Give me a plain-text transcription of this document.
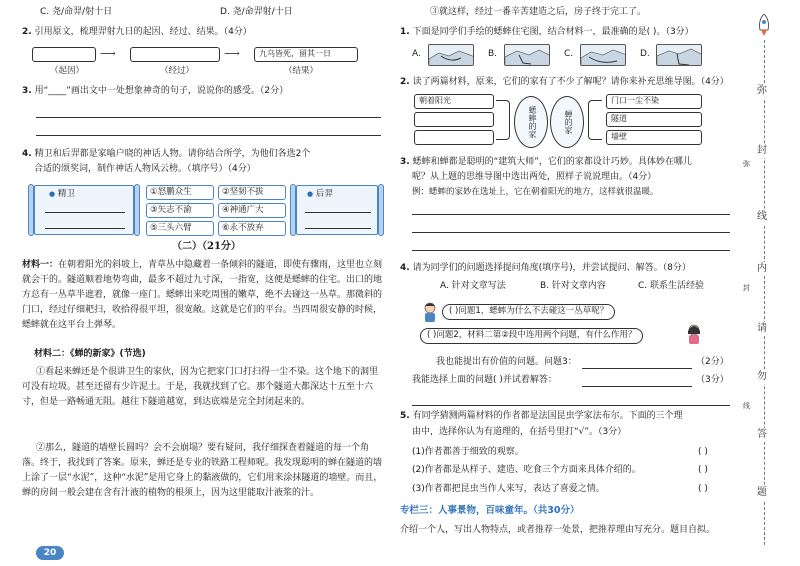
C. 尧/命羿/射十日	D. 尧/命羿射/十日
2. 引用原文，梳理羿射九日的起因、经过、结果。（4分）
⟶	⟶	九乌皆死，留其一日
（起因）	（经过）	（结果）
3. 用“____”画出文中一处想象神奇的句子，说说你的感受。（2分）
4. 精卫和后羿都是家喻户晓的神话人物。请你结合所学，为他们各选2个
合适的颂奖词，制作神话人物风云榜。（填序号）（4分）
● 精卫	①怒鹏众生	②坚韧不拔
③矢志不渝	④神通广大
⑤三头六臂	⑥永不放弃
● 后羿
（二）（21分）
材料一：在朝着阳光的斜坡上，青草丛中隐藏着一条倾斜的隧道，即使有骤雨，这里也立刻就会干的。隧道顺着地势弯曲，最多不超过九寸深，一指宽，这便是蟋蟀的住宅。出口的地方总有一丛草半遮着，就像一座门。蟋蟀出来吃周围的嫩草，绝不去碰这一丛草。那微斜的门口，经过仔细耙扫，收拾得很平坦，很宽敞。这就是它们的平台。当四周很安静的时候，蟋蟀就在这平台上弹琴。
材料二：《蝉的新家》(节选)
①看起来蝉还是个很讲卫生的家伙，因为它把家门口打扫得一尘不染。这个地下的洞里可没有垃圾。甚至还留有少许泥土。于是，我就找到了它。那个隧道大都深达十五至十六寸，但是一路畅通无阻。越往下隧道越宽，到达底端是完全封闭起来的。
②那么，隧道的墙壁长圆吗？会不会崩塌？要有疑问，我仔细探查着隧道的每一个角落。终于，我找到了答案。原来，蝉还是专业的铁路工程师呢。我发现聪明的蝉在隧道的墙上涂了一层“水泥”，这种“水泥”是用它身上的黏液做的，它们用来涂抹隧道的墙壁。而且，蝉的房间一般会建在含有汁液的植物的根须上，因为这里能取汁液浆的汁。
20
③就这样，经过一番辛苦建造之后，房子终于完工了。
1. 下面是同学们手绘的蟋蟀住宅图，结合材料一，最准确的是( )。（3分）
A.	B.	C.	D.
2. 读了两篇材料，原来，它们的家有了不少了解呢？请你来补充思维导图。（4分）
朝着阳光
蟋蟀的家	蝉的家
门口一尘不染
隧道
墙壁
3. 蟋蟀和蝉都是聪明的“建筑大师”，它们的家都设计巧妙。具体妙在哪儿
呢？从上题的思维导图中选出两处，照样子说说理由。（4分）
例：蟋蟀的家妙在选址上，它在朝着阳光的地方，这样就很温暖。
4. 请为同学们的问题选择提问角度(填序号)，并尝试提问、解答。（8分）
A. 针对文章写法	B. 针对文章内容	C. 联系生活经验
( )问题1，蟋蟀为什么不去碰这一丛草呢？
( )问题2，材料二第②段中连用两个问题，有什么作用？
我也能提出有价值的问题。问题3：	（2分）
我能选择上面的问题( )并试着解答：	（3分）
5. 有同学猜测两篇材料的作者都是法国昆虫学家法布尔。下面的三个理
由中，选择你认为有道理的，在括号里打“√”。（3分）
(1)作者都善于细致的观察。	( )
(2)作者都是从样子、建造、吃食三个方面来具体介绍的。	( )
(3)作者都把昆虫当作人来写，表达了喜爱之情。	( )
专栏三：人事景物，百味童年。（共30分）
介绍一个人，写出人物特点，或者推荐一处景，把推荐理由写充分。题目自拟。
弥
封
线
内
请
勿
答
题
弥
封
线
